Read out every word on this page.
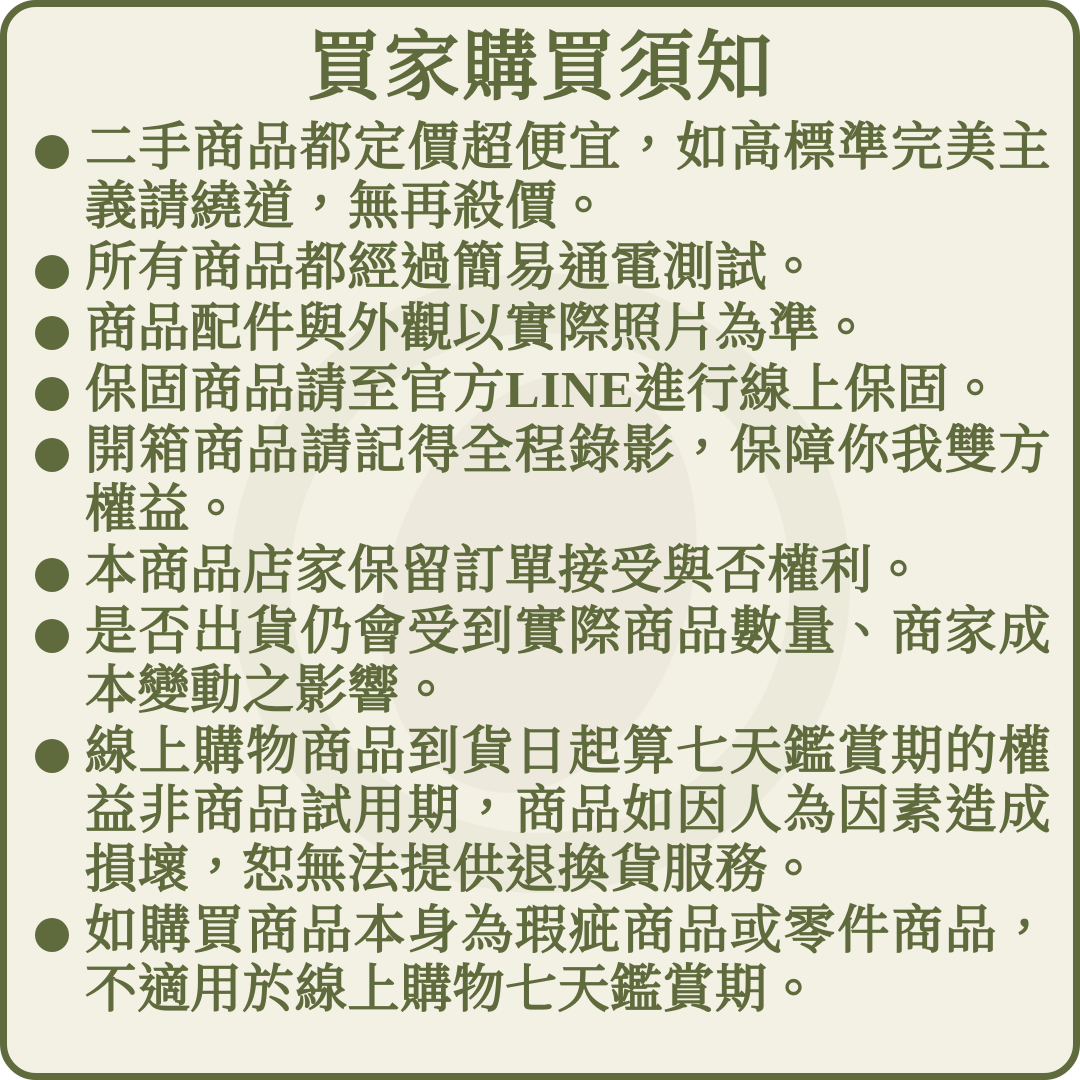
買家購買須知
二手商品都定價超便宜，如高標準完美主義請繞道，無再殺價。
所有商品都經過簡易通電測試。
商品配件與外觀以實際照片為準。
保固商品請至官方LINE進行線上保固。
開箱商品請記得全程錄影，保障你我雙方權益。
本商品店家保留訂單接受與否權利。
是否出貨仍會受到實際商品數量、商家成本變動之影響。
線上購物商品到貨日起算七天鑑賞期的權益非商品試用期，商品如因人為因素造成損壞，恕無法提供退換貨服務。
如購買商品本身為瑕疵商品或零件商品，不適用於線上購物七天鑑賞期。
